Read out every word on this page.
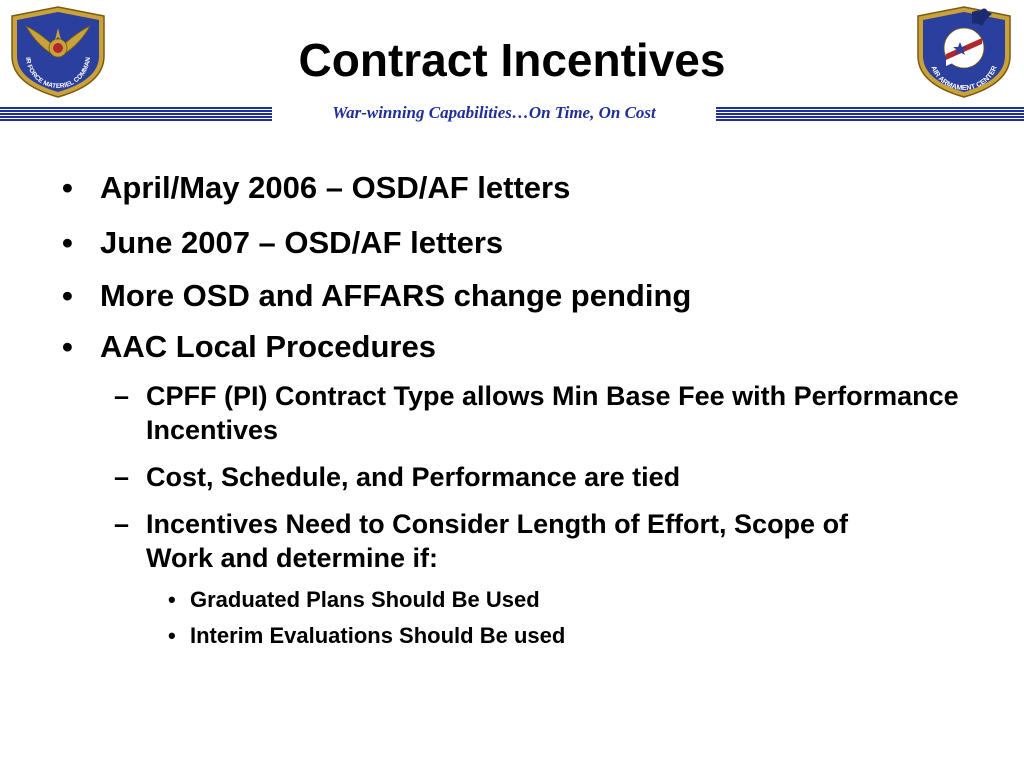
IR FORCE MATERIEL COMMAN
AIR ARMAMENT CENTER
Contract Incentives
War-winning Capabilities…On Time, On Cost
• April/May 2006 – OSD/AF letters
• June 2007 – OSD/AF letters
• More OSD and AFFARS change pending
• AAC Local Procedures
– CPFF (PI) Contract Type allows Min Base Fee with Performance Incentives
– Cost, Schedule, and Performance are tied
– Incentives Need to Consider Length of Effort, Scope of Work and determine if:
• Graduated Plans Should Be Used
• Interim Evaluations Should Be used
